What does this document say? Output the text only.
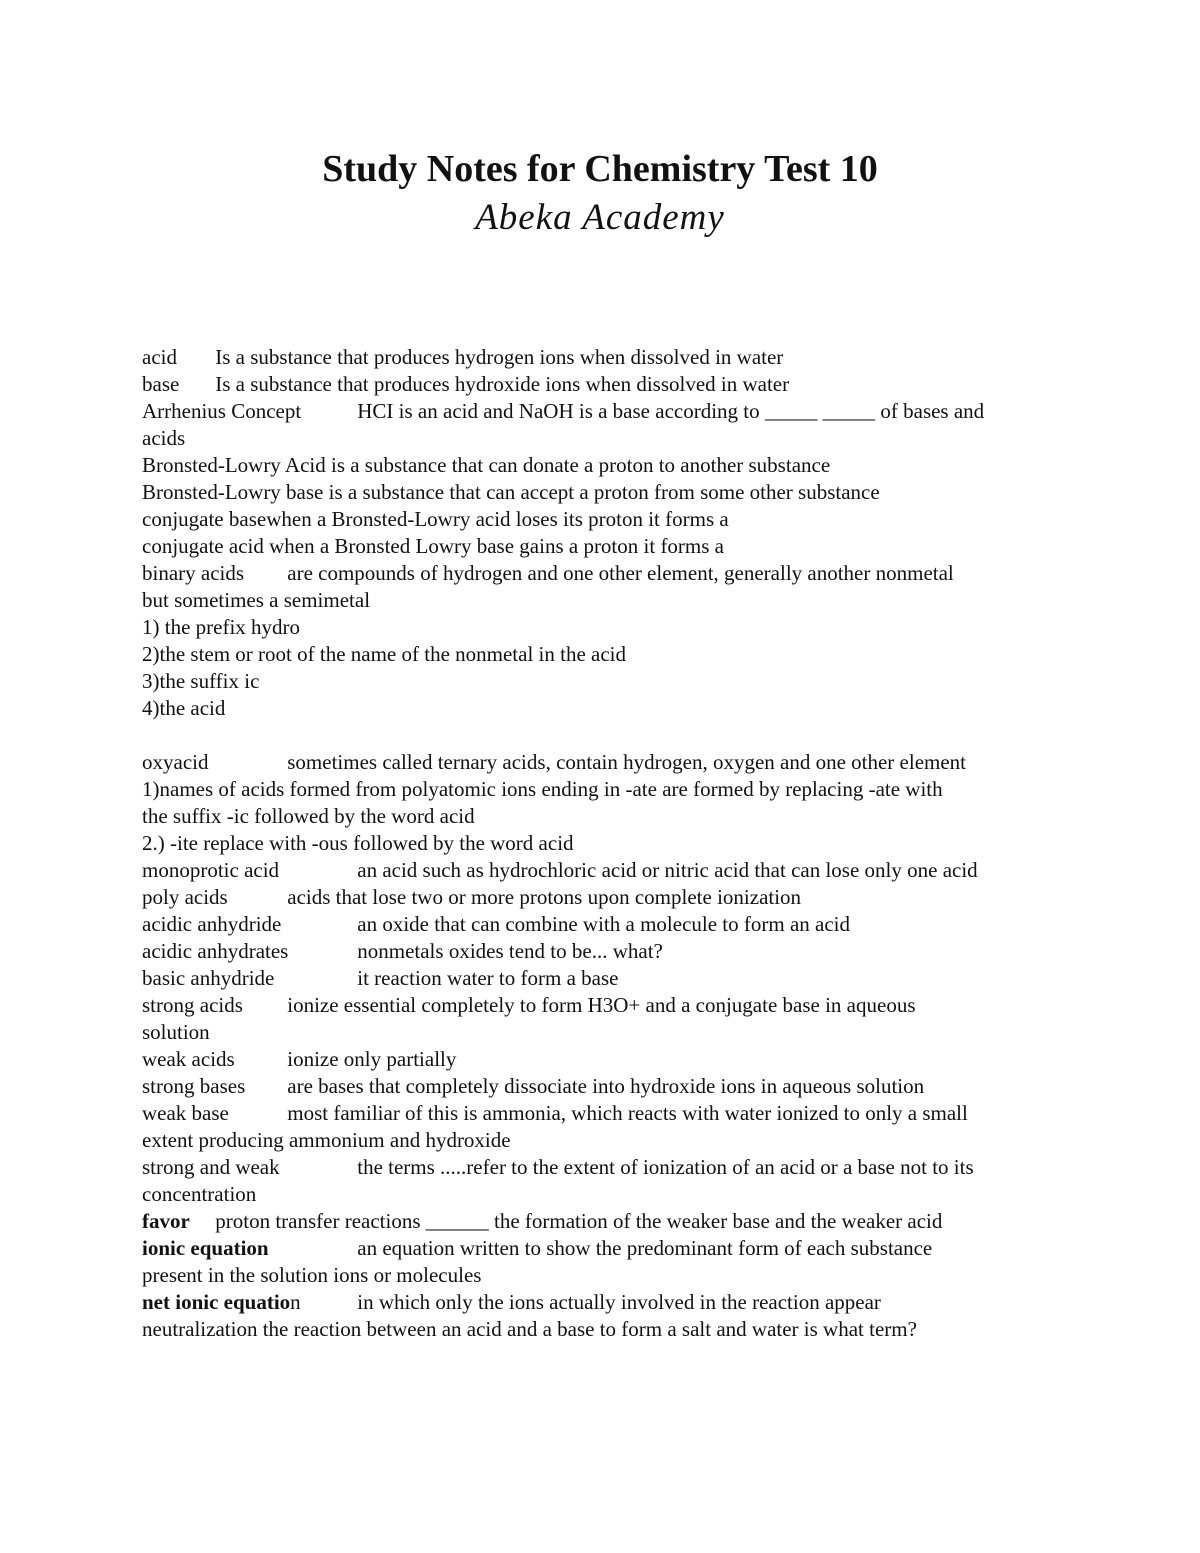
Study Notes for Chemistry Test 10

Abeka Academy

acid Is a substance that produces hydrogen ions when dissolved in water
base Is a substance that produces hydroxide ions when dissolved in water
Arrhenius Concept	HCI is an acid and NaOH is a base according to _____ _____ of bases and
acids
Bronsted-Lowry Acid is a substance that can donate a proton to another substance
Bronsted-Lowry base is a substance that can accept a proton from some other substance
conjugate basewhen a Bronsted-Lowry acid loses its proton it forms a
conjugate acid when a Bronsted Lowry base gains a proton it forms a
binary acids are compounds of hydrogen and one other element, generally another nonmetal
but sometimes a semimetal
1) the prefix hydro
2)the stem or root of the name of the nonmetal in the acid
3)the suffix ic
4)the acid
oxyacid	sometimes called ternary acids, contain hydrogen, oxygen and one other element
1)names of acids formed from polyatomic ions ending in -ate are formed by replacing -ate with
the suffix -ic followed by the word acid
2.) -ite replace with -ous followed by the word acid
monoprotic acid	an acid such as hydrochloric acid or nitric acid that can lose only one acid
poly acids	acids that lose two or more protons upon complete ionization
acidic anhydride	an oxide that can combine with a molecule to form an acid
acidic anhydrates	nonmetals oxides tend to be... what?
basic anhydride	it reaction water to form a base
strong acids ionize essential completely to form H3O+ and a conjugate base in aqueous
solution
weak acids	ionize only partially
strong bases are bases that completely dissociate into hydroxide ions in aqueous solution
weak base	most familiar of this is ammonia, which reacts with water ionized to only a small
extent producing ammonium and hydroxide
strong and weak	the terms .....refer to the extent of ionization of an acid or a base not to its
concentration
favor proton transfer reactions ______ the formation of the weaker base and the weaker acid
ionic equation	an equation written to show the predominant form of each substance
present in the solution ions or molecules
net ionic equation	in which only the ions actually involved in the reaction appear
neutralization the reaction between an acid and a base to form a salt and water is what term?
